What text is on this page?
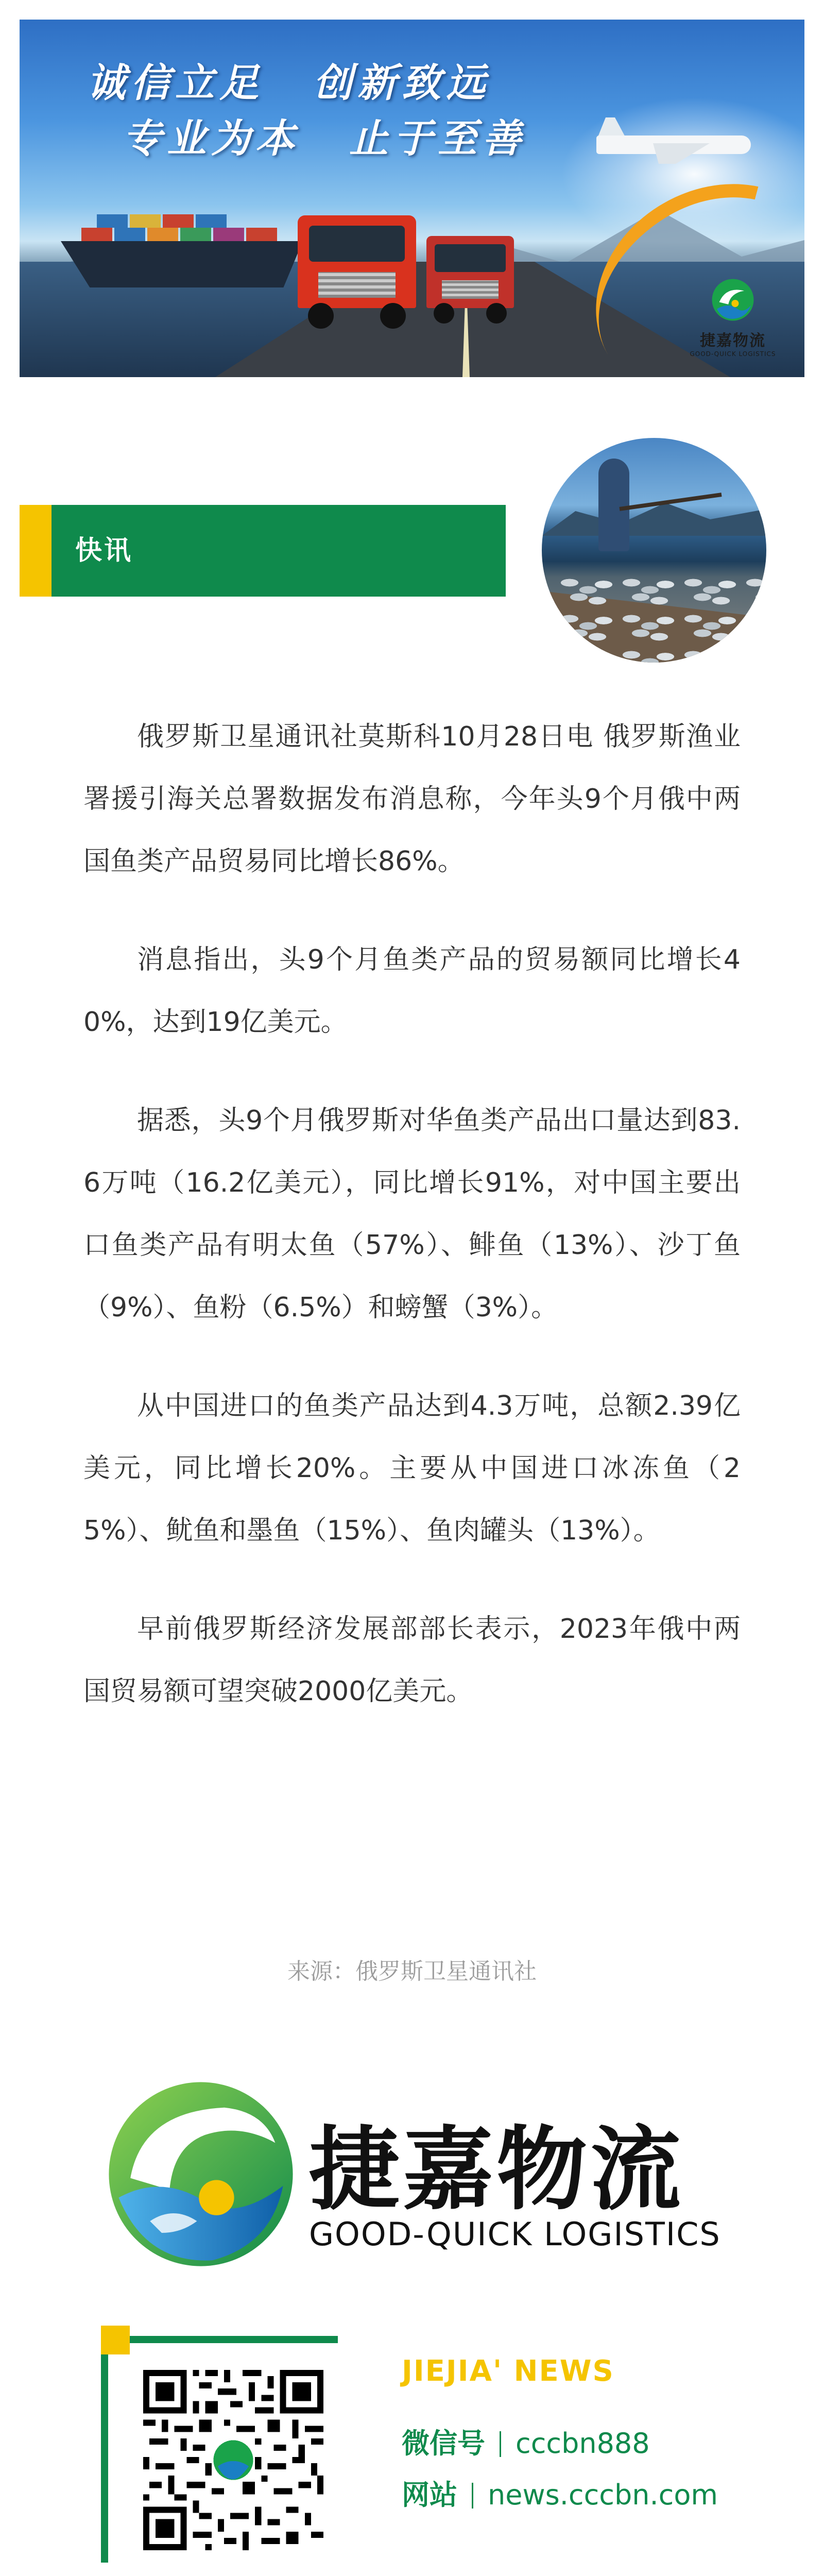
诚信立足 创新致远
专业为本 止于至善
捷嘉物流
GOOD-QUICK LOGISTICS
快讯

俄罗斯卫星通讯社莫斯科10月28日电 俄罗斯渔业署援引海关总署数据发布消息称，今年头9个月俄中两国鱼类产品贸易同比增长86%。

消息指出，头9个月鱼类产品的贸易额同比增长40%，达到19亿美元。

据悉，头9个月俄罗斯对华鱼类产品出口量达到83.6万吨（16.2亿美元），同比增长91%，对中国主要出口鱼类产品有明太鱼（57%）、鲱鱼（13%）、沙丁鱼（9%）、鱼粉（6.5%）和螃蟹（3%）。

从中国进口的鱼类产品达到4.3万吨，总额2.39亿美元，同比增长20%。主要从中国进口冰冻鱼（25%）、鱿鱼和墨鱼（15%）、鱼肉罐头（13%）。

早前俄罗斯经济发展部部长表示，2023年俄中两国贸易额可望突破2000亿美元。

来源：俄罗斯卫星通讯社
捷嘉物流
GOOD-QUICK LOGISTICS
JIEJIA' NEWS
微信号 cccbn888
网站 news.cccbn.com
